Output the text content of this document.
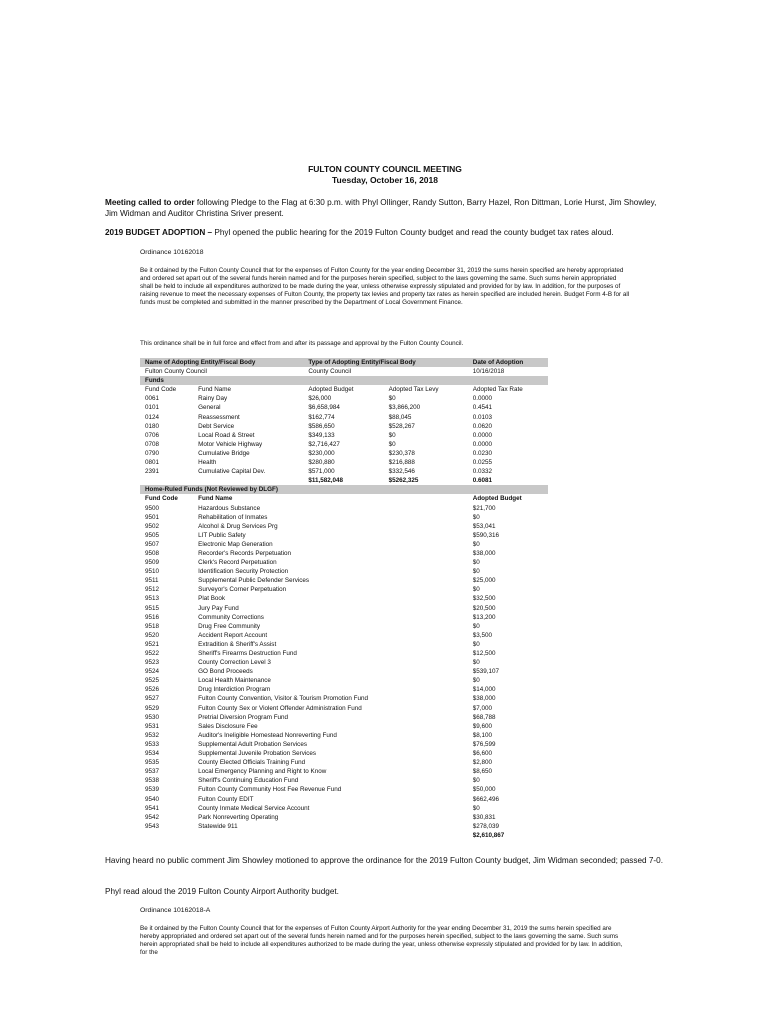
FULTON COUNTY COUNCIL MEETING
Tuesday, October 16, 2018
Meeting called to order following Pledge to the Flag at 6:30 p.m. with Phyl Ollinger, Randy Sutton, Barry Hazel, Ron Dittman, Lorie Hurst, Jim Showley, Jim Widman and Auditor Christina Sriver present.
2019 BUDGET ADOPTION – Phyl opened the public hearing for the 2019 Fulton County budget and read the county budget tax rates aloud.
Ordinance 10162018
Be it ordained by the Fulton County Council that for the expenses of Fulton County for the year ending December 31, 2019 the sums herein specified are hereby appropriated and ordered set apart out of the several funds herein named and for the purposes herein specified, subject to the laws governing the same. Such sums herein appropriated shall be held to include all expenditures authorized to be made during the year, unless otherwise expressly stipulated and provided for by law. In addition, for the purposes of raising revenue to meet the necessary expenses of Fulton County, the property tax levies and property tax rates as herein specified are included herein. Budget Form 4-B for all funds must be completed and submitted in the manner prescribed by the Department of Local Government Finance.
This ordinance shall be in full force and effect from and after its passage and approval by the Fulton County Council.
Name of Adopting Entity/Fiscal Body		Type of Adopting Entity/Fiscal Body		Date of Adoption
Fulton County Council		County Council		10/16/2018
Funds				
Fund Code	Fund Name	Adopted Budget	Adopted Tax Levy	Adopted Tax Rate
0061	Rainy Day	$26,000	$0	0.0000
0101	General	$6,658,984	$3,866,200	0.4541
0124	Reassessment	$162,774	$88,045	0.0103
0180	Debt Service	$586,650	$528,267	0.0620
0706	Local Road & Street	$349,133	$0	0.0000
0708	Motor Vehicle Highway	$2,716,427	$0	0.0000
0790	Cumulative Bridge	$230,000	$230,378	0.0230
0801	Health	$280,880	$216,888	0.0255
2391	Cumulative Capital Dev.	$571,000	$332,546	0.0332
		$11,582,048	$5262,325	0.6081
Home-Ruled Funds (Not Reviewed by DLGF)				
Fund Code	Fund Name			Adopted Budget
9500	Hazardous Substance			$21,700
9501	Rehabilitation of Inmates			$0
9502	Alcohol & Drug Services Prg			$53,041
9505	LIT Public Safety			$590,316
9507	Electronic Map Generation			$0
9508	Recorder's Records Perpetuation			$38,000
9509	Clerk's Record Perpetuation			$0
9510	Identification Security Protection			$0
9511	Supplemental Public Defender Services			$25,000
9512	Surveyor's Corner Perpetuation			$0
9513	Plat Book			$32,500
9515	Jury Pay Fund			$20,500
9516	Community Corrections			$13,200
9518	Drug Free Community			$0
9520	Accident Report Account			$3,500
9521	Extradition & Sheriff's Assist			$0
9522	Sheriff's Firearms Destruction Fund			$12,500
9523	County Correction Level 3			$0
9524	GO Bond Proceeds			$539,107
9525	Local Health Maintenance			$0
9526	Drug Interdiction Program			$14,000
9527	Fulton County Convention, Visitor & Tourism Promotion Fund			$38,000
9529	Fulton County Sex or Violent Offender Administration Fund			$7,000
9530	Pretrial Diversion Program Fund			$68,788
9531	Sales Disclosure Fee			$9,600
9532	Auditor's Ineligible Homestead Nonreverting Fund			$8,100
9533	Supplemental Adult Probation Services			$76,599
9534	Supplemental Juvenile Probation Services			$6,600
9535	County Elected Officials Training Fund			$2,800
9537	Local Emergency Planning and Right to Know			$8,650
9538	Sheriff's Continuing Education Fund			$0
9539	Fulton County Community Host Fee Revenue Fund			$50,000
9540	Fulton County EDIT			$662,496
9541	County Inmate Medical Service Account			$0
9542	Park Nonreverting Operating			$30,831
9543	Statewide 911			$278,039
				$2,610,867
Having heard no public comment Jim Showley motioned to approve the ordinance for the 2019 Fulton County budget, Jim Widman seconded; passed 7-0.
Phyl read aloud the 2019 Fulton County Airport Authority budget.
Ordinance 10162018-A
Be it ordained by the Fulton County Council that for the expenses of Fulton County Airport Authority for the year ending December 31, 2019 the sums herein specified are hereby appropriated and ordered set apart out of the several funds herein named and for the purposes herein specified, subject to the laws governing the same. Such sums herein appropriated shall be held to include all expenditures authorized to be made during the year, unless otherwise expressly stipulated and provided for by law. In addition, for the
